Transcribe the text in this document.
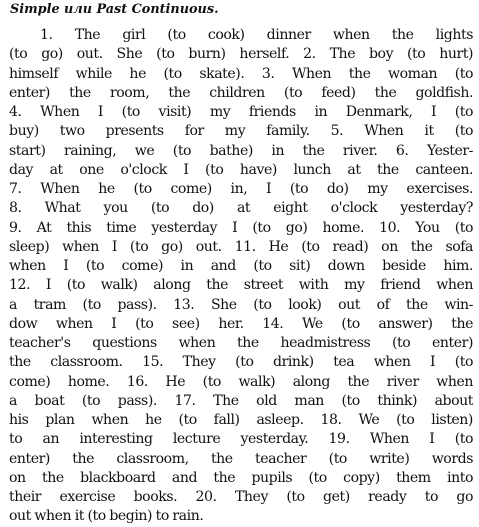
Simple или Past Continuous.
1. The girl (to cook) dinner when the lights
(to go) out. She (to burn) herself. 2. The boy (to hurt)
himself while he (to skate). 3. When the woman (to
enter) the room, the children (to feed) the goldfish.
4. When I (to visit) my friends in Denmark, I (to
buy) two presents for my family. 5. When it (to
start) raining, we (to bathe) in the river. 6. Yester-
day at one o'clock I (to have) lunch at the canteen.
7. When he (to come) in, I (to do) my exercises.
8. What you (to do) at eight o'clock yesterday?
9. At this time yesterday I (to go) home. 10. You (to
sleep) when I (to go) out. 11. He (to read) on the sofa
when I (to come) in and (to sit) down beside him.
12. I (to walk) along the street with my friend when
a tram (to pass). 13. She (to look) out of the win-
dow when I (to see) her. 14. We (to answer) the
teacher's questions when the headmistress (to enter)
the classroom. 15. They (to drink) tea when I (to
come) home. 16. He (to walk) along the river when
a boat (to pass). 17. The old man (to think) about
his plan when he (to fall) asleep. 18. We (to listen)
to an interesting lecture yesterday. 19. When I (to
enter) the classroom, the teacher (to write) words
on the blackboard and the pupils (to copy) them into
their exercise books. 20. They (to get) ready to go
out when it (to begin) to rain.
